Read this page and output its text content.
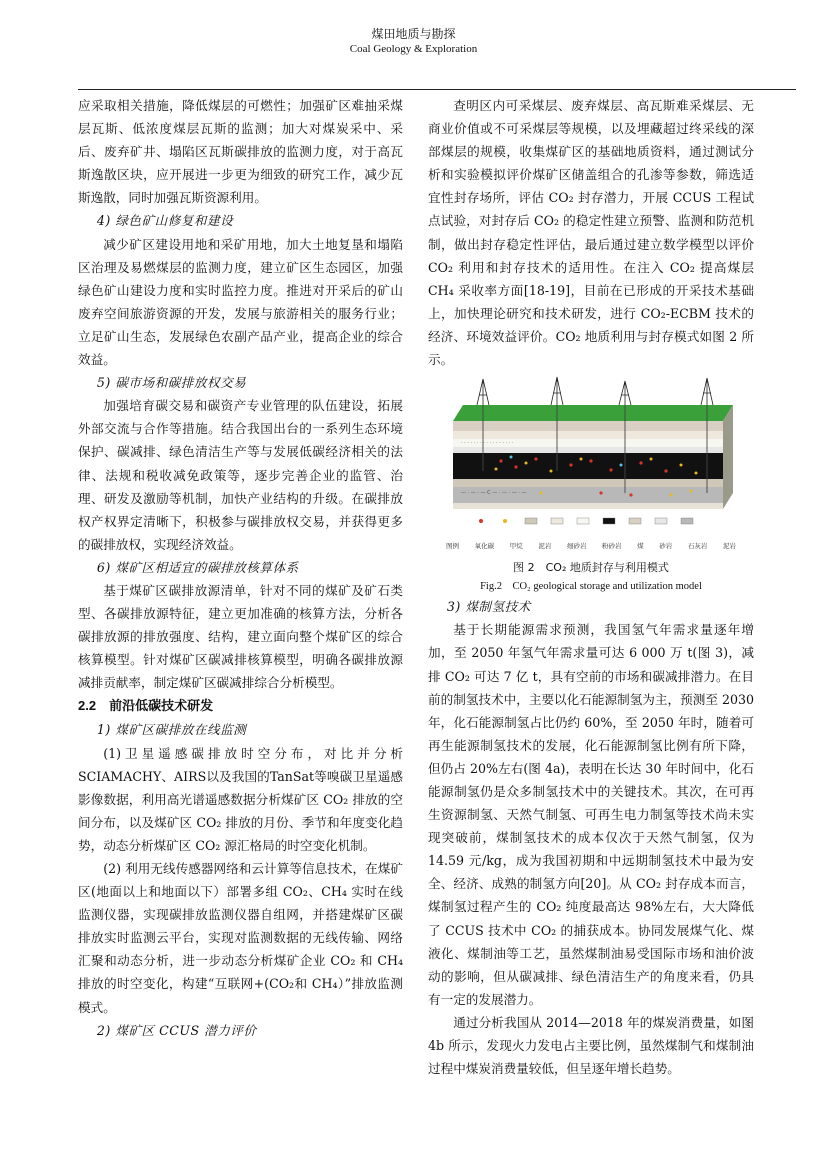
煤田地质与勘探
Coal Geology & Exploration

应采取相关措施，降低煤层的可燃性；加强矿区难抽采煤层瓦斯、低浓度煤层瓦斯的监测；加大对煤炭采中、采后、废弃矿井、塌陷区瓦斯碳排放的监测力度，对于高瓦斯逸散区块，应开展进一步更为细致的研究工作，减少瓦斯逸散，同时加强瓦斯资源利用。

4) 绿色矿山修复和建设

减少矿区建设用地和采矿用地，加大土地复垦和塌陷区治理及易燃煤层的监测力度，建立矿区生态园区，加强绿色矿山建设力度和实时监控力度。推进对开采后的矿山废弃空间旅游资源的开发，发展与旅游相关的服务行业；立足矿山生态，发展绿色农副产品产业，提高企业的综合效益。

5) 碳市场和碳排放权交易

加强培育碳交易和碳资产专业管理的队伍建设，拓展外部交流与合作等措施。结合我国出台的一系列生态环境保护、碳减排、绿色清洁生产等与发展低碳经济相关的法律、法规和税收减免政策等，逐步完善企业的监管、治理、研发及激励等机制，加快产业结构的升级。在碳排放权产权界定清晰下，积极参与碳排放权交易，并获得更多的碳排放权，实现经济效益。

6) 煤矿区相适宜的碳排放核算体系

基于煤矿区碳排放源清单，针对不同的煤矿及矿石类型、各碳排放源特征，建立更加准确的核算方法，分析各碳排放源的排放强度、结构，建立面向整个煤矿区的综合核算模型。针对煤矿区碳减排核算模型，明确各碳排放源减排贡献率，制定煤矿区碳减排综合分析模型。

2.2　前沿低碳技术研发

1) 煤矿区碳排放在线监测

(1)卫星遥感碳排放时空分布，对比并分析SCIAMACHY、AIRS以及我国的TanSat等嗅碳卫星遥感影像数据，利用高光谱遥感数据分析煤矿区 CO₂ 排放的空间分布，以及煤矿区 CO₂ 排放的月份、季节和年度变化趋势，动态分析煤矿区 CO₂ 源汇格局的时空变化机制。

(2) 利用无线传感器网络和云计算等信息技术，在煤矿区(地面以上和地面以下）部署多组 CO₂、CH₄ 实时在线监测仪器，实现碳排放监测仪器自组网，并搭建煤矿区碳排放实时监测云平台，实现对监测数据的无线传输、网络汇聚和动态分析，进一步动态分析煤矿企业 CO₂ 和 CH₄ 排放的时空变化，构建“互联网+(CO₂和 CH₄）”排放监测模式。

2) 煤矿区 CCUS 潜力评价

查明区内可采煤层、废弃煤层、高瓦斯难采煤层、无商业价值或不可采煤层等规模，以及埋藏超过终采线的深部煤层的规模，收集煤矿区的基础地质资料，通过测试分析和实验模拟评价煤矿区储盖组合的孔渗等参数，筛选适宜性封存场所，评估 CO₂ 封存潜力，开展 CCUS 工程试点试验，对封存后 CO₂ 的稳定性建立预警、监测和防范机制，做出封存稳定性评估，最后通过建立数学模型以评价 CO₂ 利用和封存技术的适用性。在注入 CO₂ 提高煤层 CH₄ 采收率方面[18-19]，目前在已形成的开采技术基础上，加快理论研究和技术研发，进行 CO₂-ECBM 技术的经济、环境效益评价。CO₂ 地质利用与封存模式如图 2 所示。

· · · · · · · · · · · · · · · · ·
— · — · — C — · — · — · —
图例 氧化碳 甲烷 泥岩 细砂岩 粉砂岩 煤 砂岩 石灰岩 泥岩
图 2　CO₂ 地质封存与利用模式
Fig.2　CO₂ geological storage and utilization model

3) 煤制氢技术

基于长期能源需求预测，我国氢气年需求量逐年增加，至 2050 年氢气年需求量可达 6 000 万 t(图 3)，减排 CO₂ 可达 7 亿 t，具有空前的市场和碳减排潜力。在目前的制氢技术中，主要以化石能源制氢为主，预测至 2030 年，化石能源制氢占比仍约 60%，至 2050 年时，随着可再生能源制氢技术的发展，化石能源制氢比例有所下降，但仍占 20%左右(图 4a)，表明在长达 30 年时间中，化石能源制氢仍是众多制氢技术中的关键技术。其次，在可再生资源制氢、天然气制氢、可再生电力制氢等技术尚未实现突破前，煤制氢技术的成本仅次于天然气制氢，仅为 14.59 元/kg，成为我国初期和中远期制氢技术中最为安全、经济、成熟的制氢方向[20]。从 CO₂ 封存成本而言，煤制氢过程产生的 CO₂ 纯度最高达 98%左右，大大降低了 CCUS 技术中 CO₂ 的捕获成本。协同发展煤气化、煤液化、煤制油等工艺，虽然煤制油易受国际市场和油价波动的影响，但从碳减排、绿色清洁生产的角度来看，仍具有一定的发展潜力。

通过分析我国从 2014—2018 年的煤炭消费量，如图 4b 所示，发现火力发电占主要比例，虽然煤制气和煤制油过程中煤炭消费量较低，但呈逐年增长趋势。
